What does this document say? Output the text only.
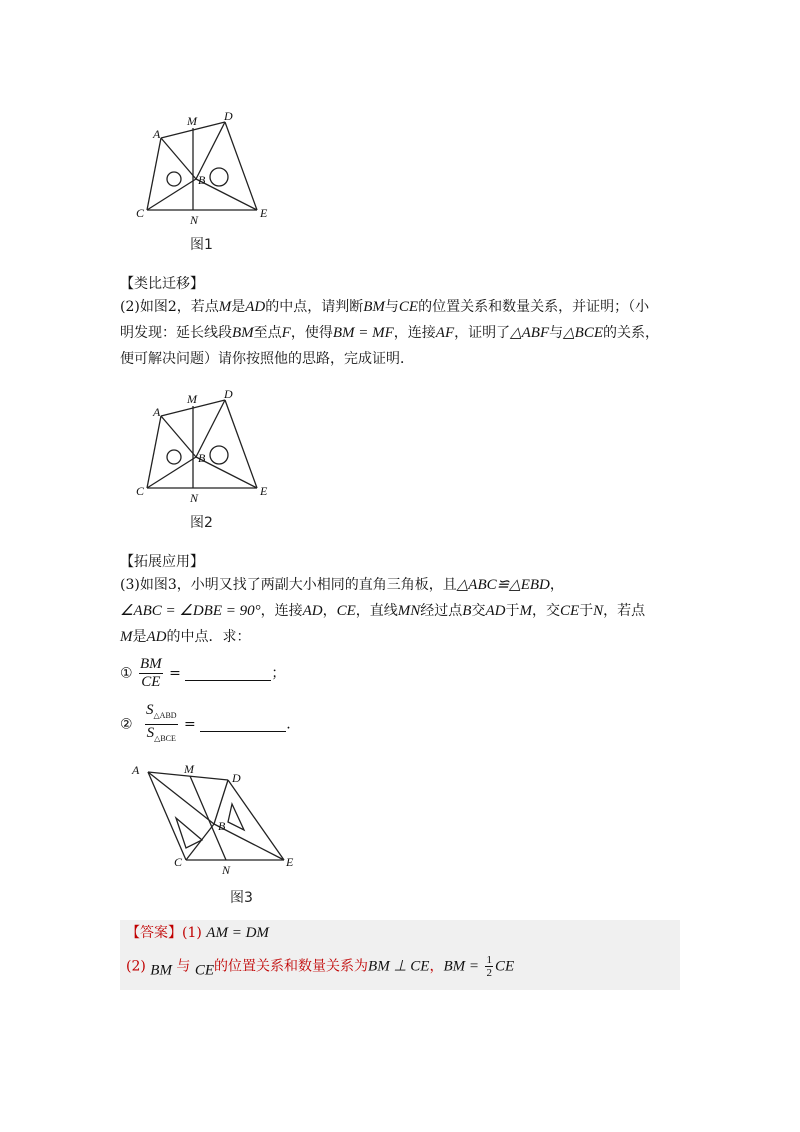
A
M D
B
C	N	E
图1
【类比迁移】
(2)如图2，若点M是AD的中点，请判断BM与CE的位置关系和数量关系，并证明；（小
明发现：延长线段BM至点F，使得BM = MF，连接AF，证明了△ABF与△BCE的关系，
便可解决问题）请你按照他的思路，完成证明．
A
M D
B
C	N	E
图2
【拓展应用】
(3)如图3，小明又找了两副大小相同的直角三角板，且△ABC≌△EBD，
∠ABC = ∠DBE = 90°，连接AD，CE，直线MN经过点B交AD于M，交CE于N，若点
M是AD的中点．求：
① $\frac{BM}{CE}$ =	；
② $\frac{S_{\triangle ABD}}{S_{\triangle BCE}}$ =	.
A	M
D
B
C
N
E
图3
【答案】(1) AM = DM
(2) BM 与 CE的位置关系和数量关系为BM ⊥ CE，BM = $\frac{1}{2}$ CE
